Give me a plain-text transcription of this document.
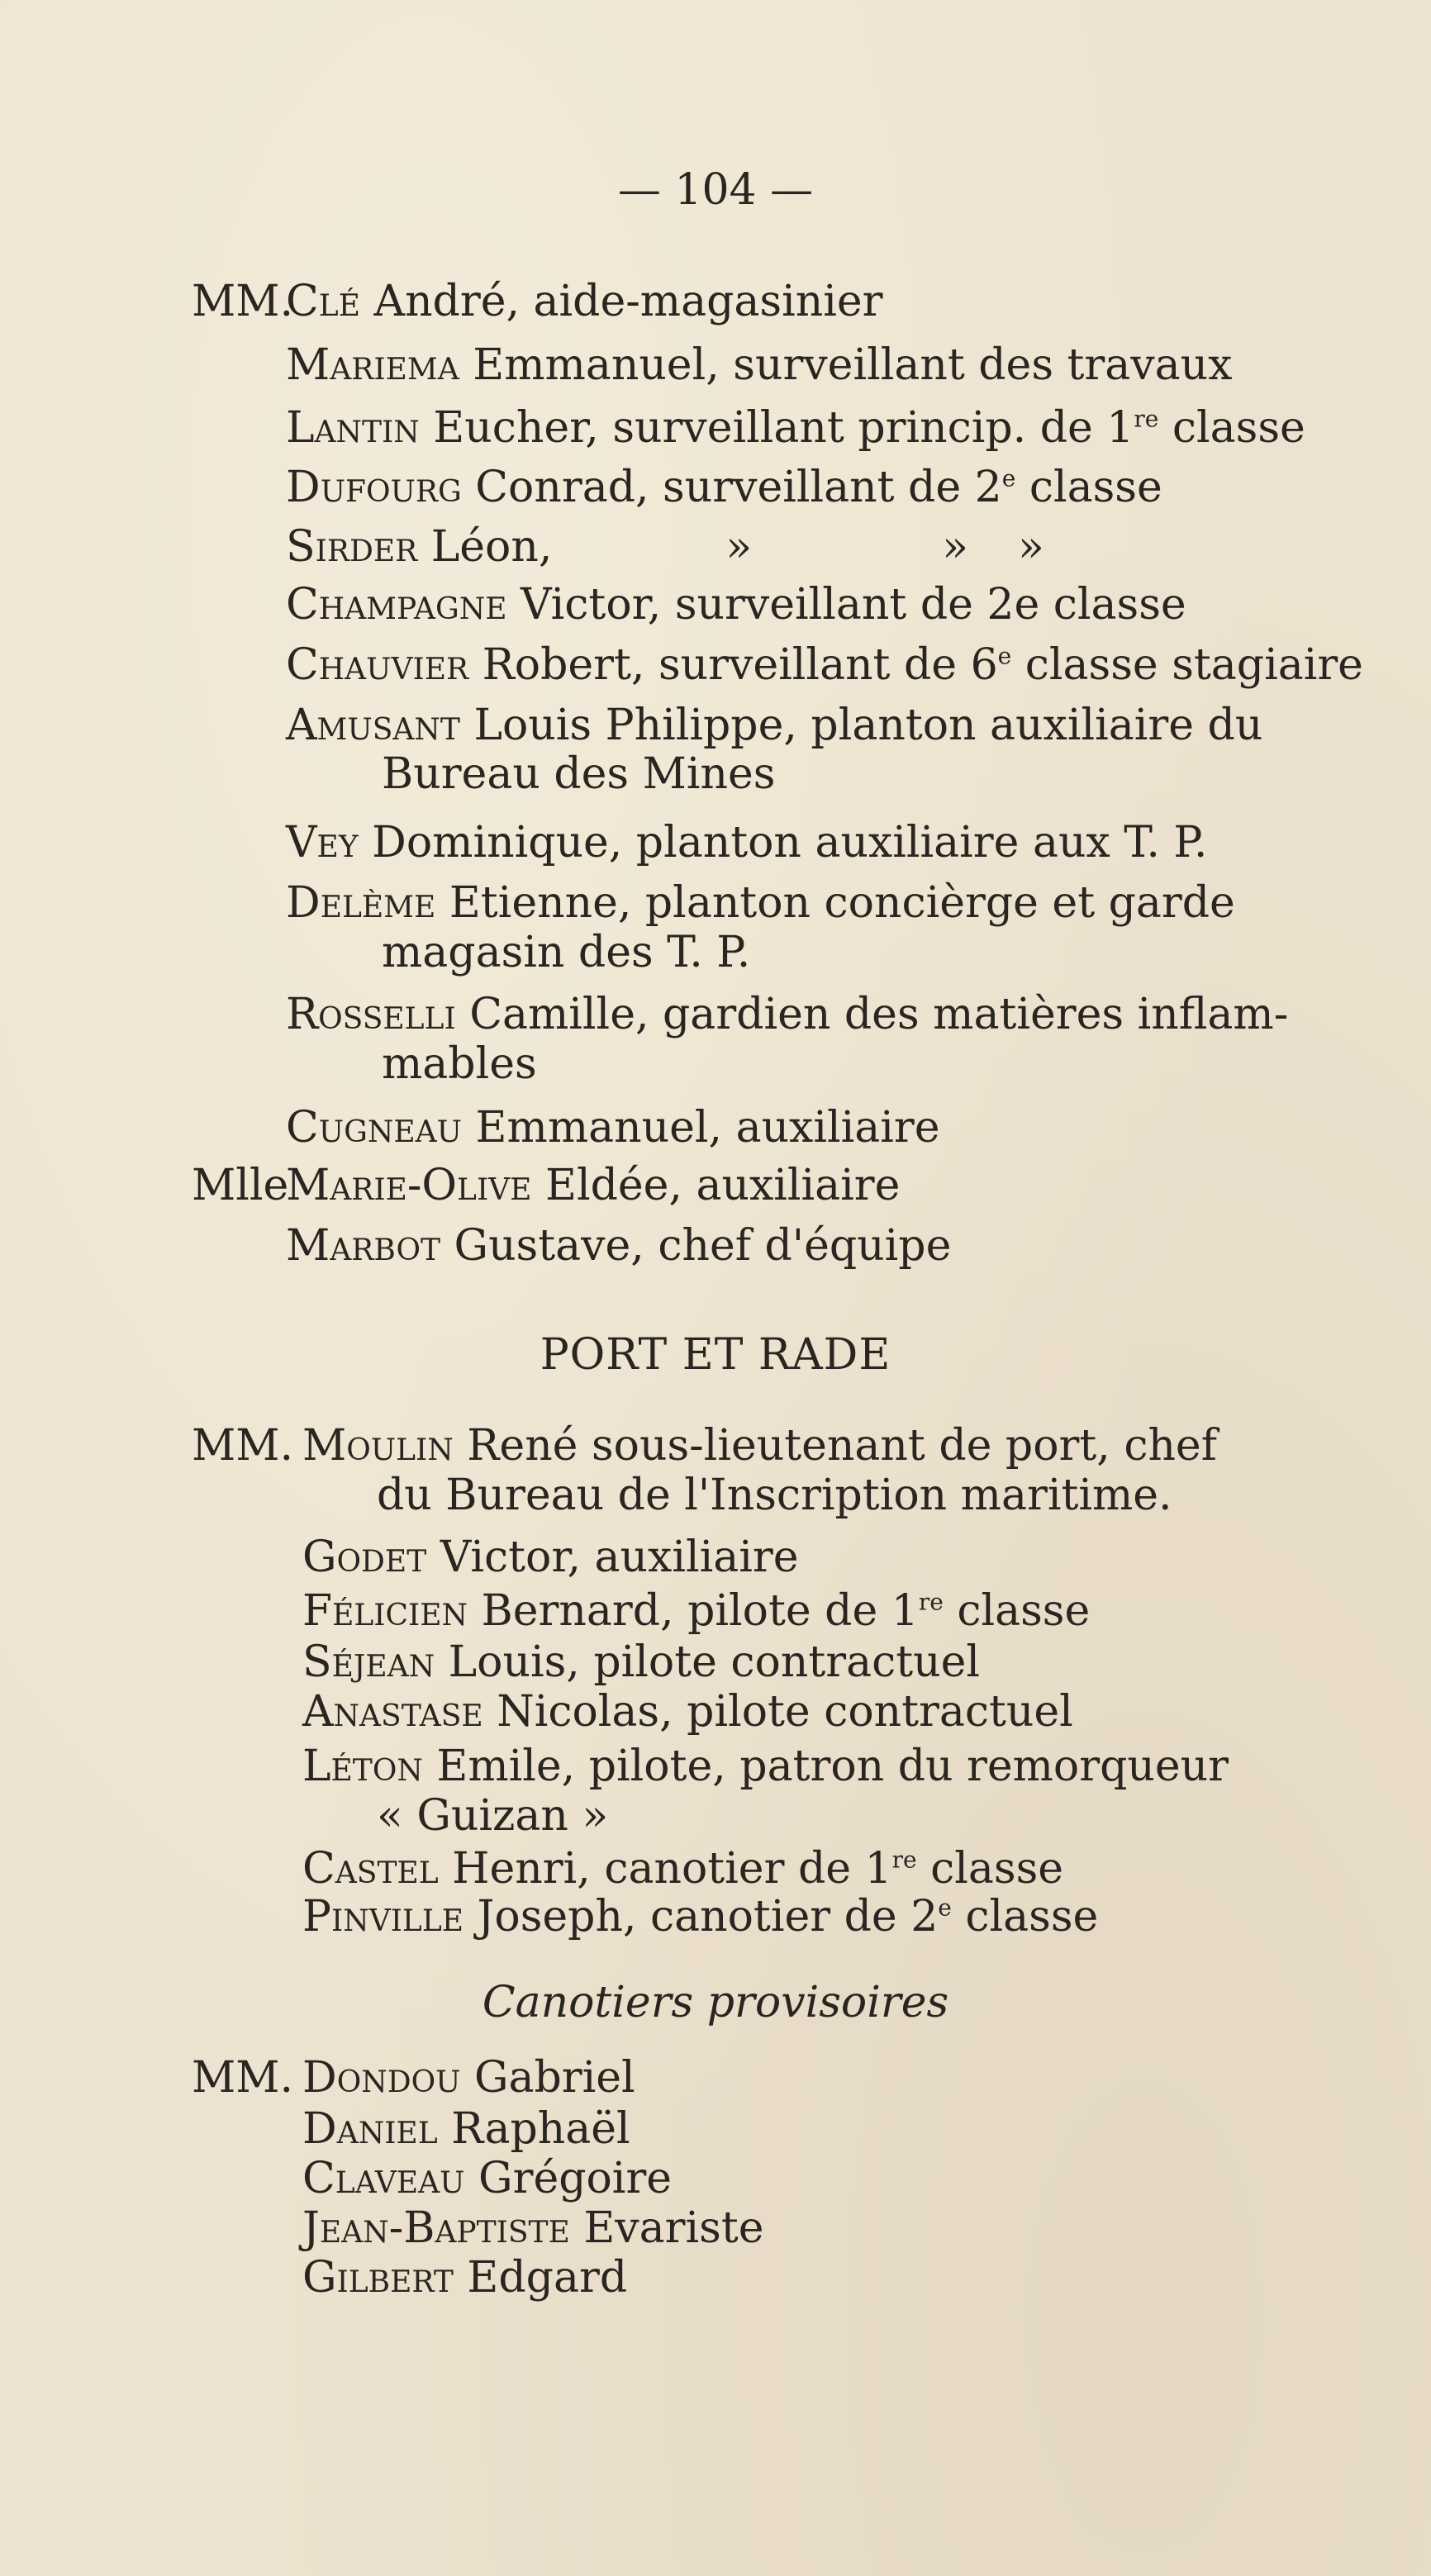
— 104 —
MM.Clé André, aide-magasinier
Mariema Emmanuel, surveillant des travaux
Lantin Eucher, surveillant princip. de 1re classe
Dufourg Conrad, surveillant de 2e classe
Sirder Léon,	»	» »
Champagne Victor, surveillant de 2e classe
Chauvier Robert, surveillant de 6e classe stagiaire
Amusant Louis Philippe, planton auxiliaire du
Bureau des Mines
Vey Dominique, planton auxiliaire aux T. P.
Delème Etienne, planton concièrge et garde
magasin des T. P.
Rosselli Camille, gardien des matières inflam-
mables
Cugneau Emmanuel, auxiliaire
MlleMarie-Olive Eldée, auxiliaire
Marbot Gustave, chef d'équipe
PORT ET RADE
MM. Moulin René sous-lieutenant de port, chef
du Bureau de l'Inscription maritime.
Godet Victor, auxiliaire
Félicien Bernard, pilote de 1re classe
Séjean Louis, pilote contractuel
Anastase Nicolas, pilote contractuel
Léton Emile, pilote, patron du remorqueur
« Guizan »
Castel Henri, canotier de 1re classe
Pinville Joseph, canotier de 2e classe
Canotiers provisoires
MM. Dondou Gabriel
Daniel Raphaël
Claveau Grégoire
Jean-Baptiste Evariste
Gilbert Edgard
